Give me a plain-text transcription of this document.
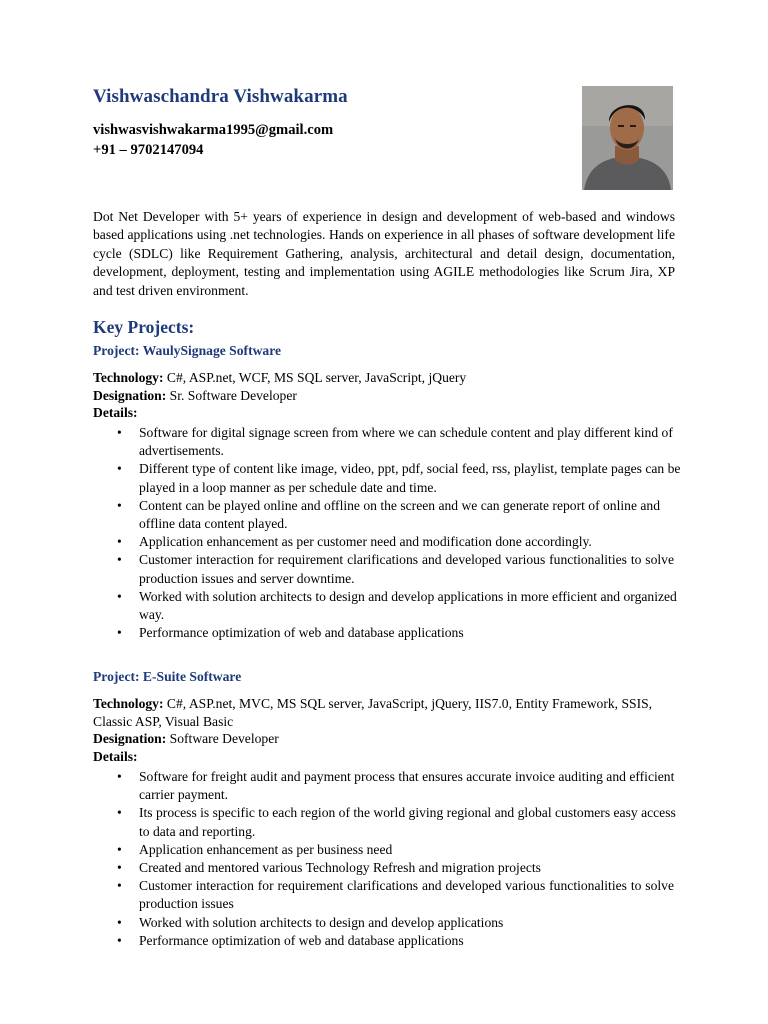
Vishwaschandra Vishwakarma
vishwasvishwakarma1995@gmail.com
+91 – 9702147094
Dot Net Developer with 5+ years of experience in design and development of web-based and windows based applications using .net technologies. Hands on experience in all phases of software development life cycle (SDLC) like Requirement Gathering, analysis, architectural and detail design, documentation, development, deployment, testing and implementation using AGILE methodologies like Scrum Jira, XP and test driven environment.
Key Projects:
Project: WaulySignage Software
Technology: C#, ASP.net, WCF, MS SQL server, JavaScript, jQuery
Designation: Sr. Software Developer
Details:
• Software for digital signage screen from where we can schedule content and play different kind of advertisements.
• Different type of content like image, video, ppt, pdf, social feed, rss, playlist, template pages can be played in a loop manner as per schedule date and time.
• Content can be played online and offline on the screen and we can generate report of online and offline data content played.
• Application enhancement as per customer need and modification done accordingly.
• Customer interaction for requirement clarifications and developed various functionalities to solve production issues and server downtime.
• Worked with solution architects to design and develop applications in more efficient and organized way.
• Performance optimization of web and database applications
Project: E-Suite Software
Technology: C#, ASP.net, MVC, MS SQL server, JavaScript, jQuery, IIS7.0, Entity Framework, SSIS, Classic ASP, Visual Basic
Designation: Software Developer
Details:
• Software for freight audit and payment process that ensures accurate invoice auditing and efficient carrier payment.
• Its process is specific to each region of the world giving regional and global customers easy access to data and reporting.
• Application enhancement as per business need
• Created and mentored various Technology Refresh and migration projects
• Customer interaction for requirement clarifications and developed various functionalities to solve production issues
• Worked with solution architects to design and develop applications
• Performance optimization of web and database applications
